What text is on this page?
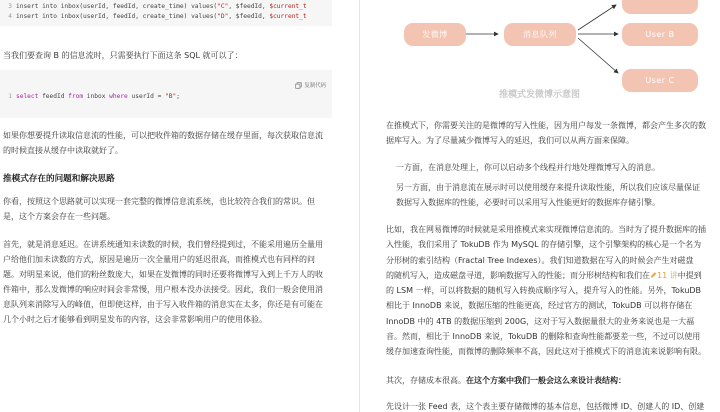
3 insert into inbox(userId, feedId, create_time) values("C", $feedId, $current_t
4 insert into inbox(userId, feedId, create_time) values("D", $feedId, $current_t
当我们要查询 B 的信息流时，只需要执行下面这条 SQL 就可以了：
复制代码
1 select feedId from inbox where userId = "B";
如果你想要提升读取信息流的性能，可以把收件箱的数据存储在缓存里面，每次获取信息流
的时候直接从缓存中读取就好了。
推模式存在的问题和解决思路
你看，按照这个思路就可以实现一套完整的微博信息流系统，也比较符合我们的常识。但
是，这个方案会存在一些问题。
首先，就是消息延迟。在讲系统通知未读数的时候，我们曾经提到过，不能采用遍历全量用
户给他们加未读数的方式，原因是遍历一次全量用户的延迟很高，而推模式也有同样的问
题。对明星来说，他们的粉丝数庞大，如果在发微博的同时还要将微博写入到上千万人的收
件箱中，那么发微博的响应时间会非常慢，用户根本没办法接受。因此，我们一般会使用消
息队列来消除写入的峰值，但即使这样，由于写入收件箱的消息实在太多，你还是有可能在
几个小时之后才能够看到明星发布的内容，这会非常影响用户的使用体验。
发微博	消息队列	User B
User C
推模式发微博示意图
在推模式下，你需要关注的是微博的写入性能，因为用户每发一条微博，都会产生多次的数
据库写入。为了尽量减少微博写入的延迟，我们可以从两方面来保障。
一方面，在消息处理上，你可以启动多个线程并行地处理微博写入的消息。
另一方面，由于消息流在展示时可以使用缓存来提升读取性能，所以我们应该尽量保证
数据写入数据库的性能，必要时可以采用写入性能更好的数据库存储引擎。
比如，我在网易微博的时候就是采用推模式来实现微博信息流的。当时为了提升数据库的插
入性能，我们采用了 TokuDB 作为 MySQL 的存储引擎，这个引擎架构的核心是一个名为
分形树的索引结构（Fractal Tree Indexes）。我们知道数据在写入的时候会产生对磁盘
的随机写入，造成磁盘寻道，影响数据写入的性能；而分形树结构和我们在 11 讲中提到
的 LSM 一样，可以将数据的随机写入转换成顺序写入，提升写入的性能。另外，TokuDB
相比于 InnoDB 来说，数据压缩的性能更高，经过官方的测试，TokuDB 可以将存储在
InnoDB 中的 4TB 的数据压缩到 200G，这对于写入数据量很大的业务来说也是一大福
音。然而，相比于 InnoDB 来说，TokuDB 的删除和查询性能都要差一些，不过可以使用
缓存加速查询性能，而微博的删除频率不高，因此这对于推模式下的消息流来说影响有限。
其次，存储成本很高。在这个方案中我们一般会这么来设计表结构：
先设计一张 Feed 表，这个表主要存储微博的基本信息，包括微博 ID、创建人的 ID、创建
